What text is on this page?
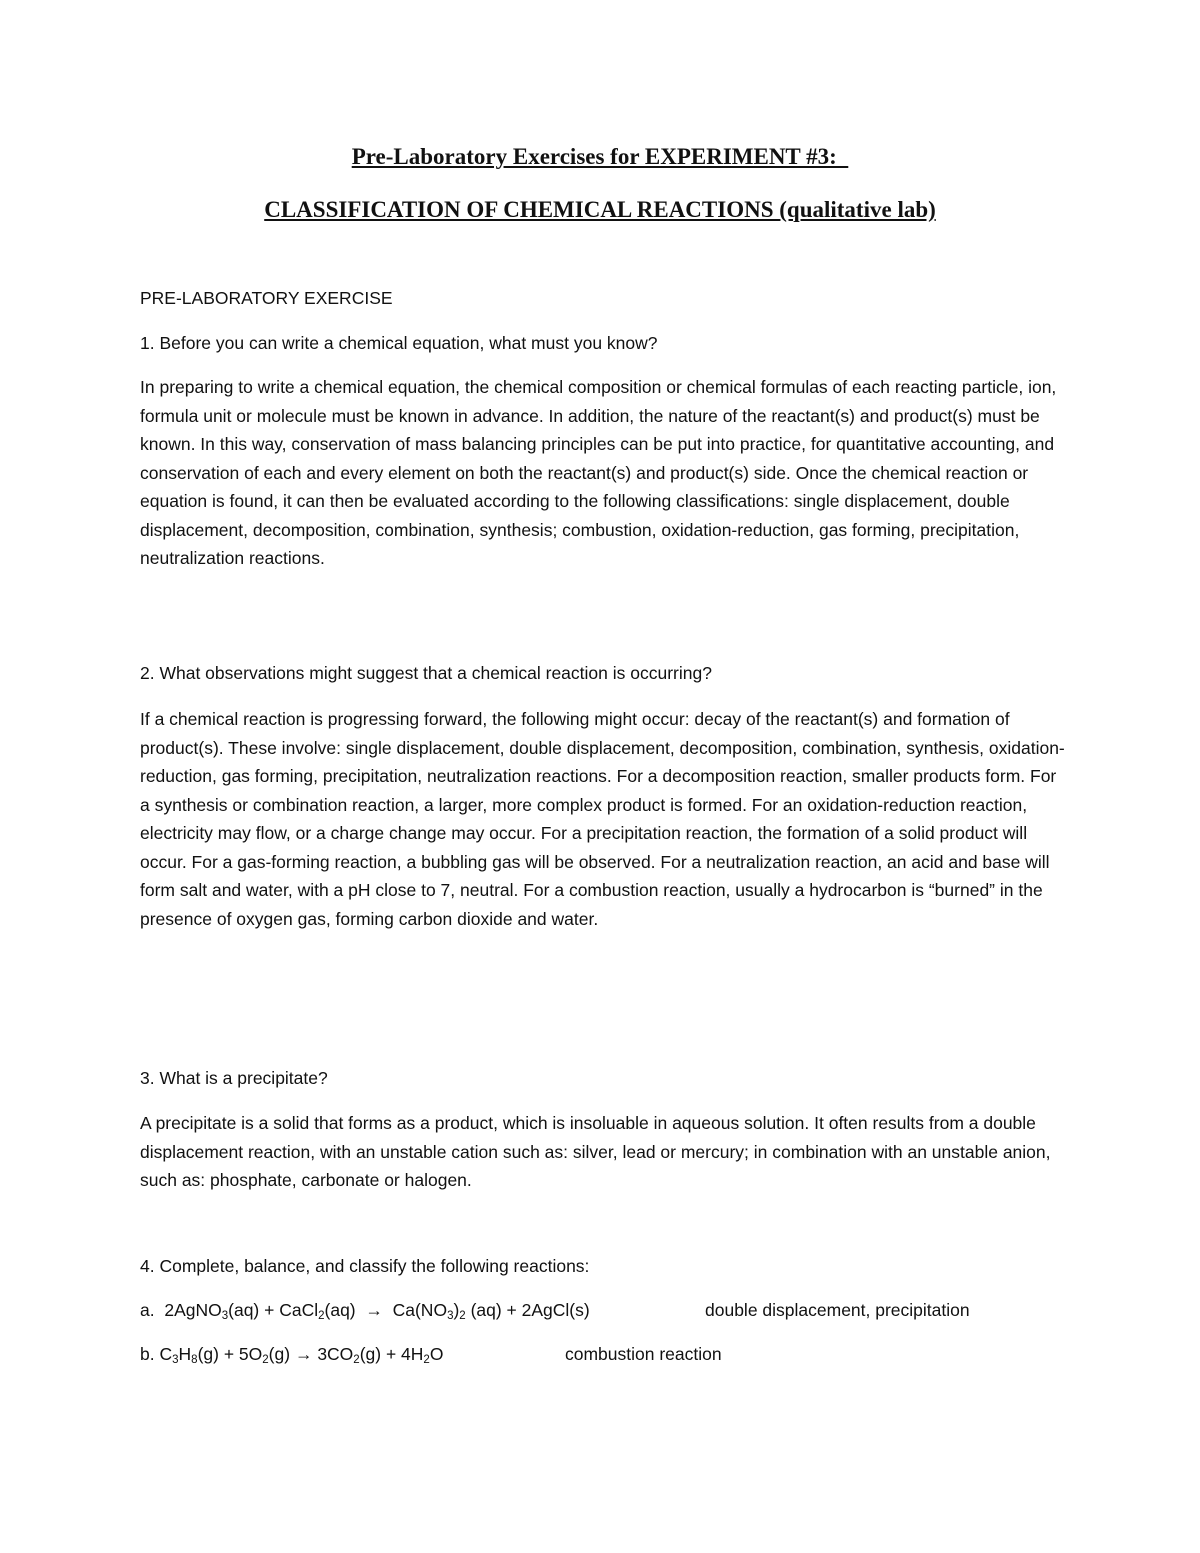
Pre-Laboratory Exercises for EXPERIMENT #3:
CLASSIFICATION OF CHEMICAL REACTIONS (qualitative lab)
PRE-LABORATORY EXERCISE
1. Before you can write a chemical equation, what must you know?
In preparing to write a chemical equation, the chemical composition or chemical formulas of each reacting particle, ion, formula unit or molecule must be known in advance. In addition, the nature of the reactant(s) and product(s) must be known. In this way, conservation of mass balancing principles can be put into practice, for quantitative accounting, and conservation of each and every element on both the reactant(s) and product(s) side. Once the chemical reaction or equation is found, it can then be evaluated according to the following classifications: single displacement, double displacement, decomposition, combination, synthesis; combustion, oxidation-reduction, gas forming, precipitation, neutralization reactions.
2. What observations might suggest that a chemical reaction is occurring?
If a chemical reaction is progressing forward, the following might occur: decay of the reactant(s) and formation of product(s). These involve: single displacement, double displacement, decomposition, combination, synthesis, oxidation-reduction, gas forming, precipitation, neutralization reactions. For a decomposition reaction, smaller products form. For a synthesis or combination reaction, a larger, more complex product is formed. For an oxidation-reduction reaction, electricity may flow, or a charge change may occur. For a precipitation reaction, the formation of a solid product will occur. For a gas-forming reaction, a bubbling gas will be observed. For a neutralization reaction, an acid and base will form salt and water, with a pH close to 7, neutral. For a combustion reaction, usually a hydrocarbon is “burned” in the presence of oxygen gas, forming carbon dioxide and water.
3. What is a precipitate?
A precipitate is a solid that forms as a product, which is insoluable in aqueous solution. It often results from a double displacement reaction, with an unstable cation such as: silver, lead or mercury; in combination with an unstable anion, such as: phosphate, carbonate or halogen.
4. Complete, balance, and classify the following reactions:
a. 2AgNO$_3$(aq) + CaCl$_2$(aq) → $Ca(NO_3)_2$ (aq) + 2AgCl(s)	double displacement, precipitation
b. $C_3H_8(g) + 5O_2(g) \to 3CO_2(g) + 4H_2O$	combustion reaction
